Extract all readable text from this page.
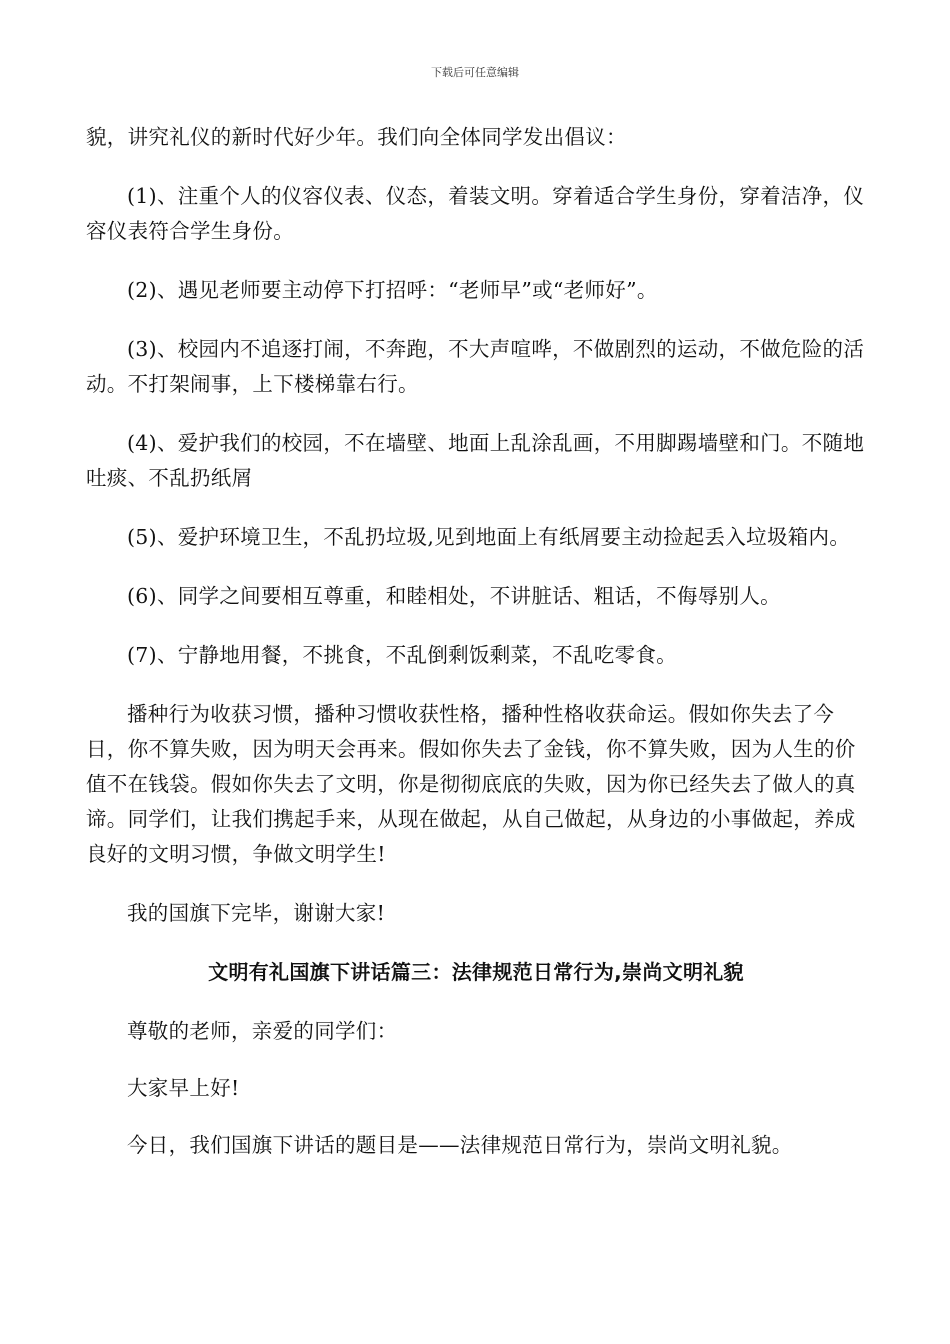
下载后可任意编辑

貌，讲究礼仪的新时代好少年。我们向全体同学发出倡议：

(1)、注重个人的仪容仪表、仪态，着装文明。穿着适合学生身份，穿着洁净，仪容仪表符合学生身份。

(2)、遇见老师要主动停下打招呼：“老师早”或“老师好”。

(3)、校园内不追逐打闹，不奔跑，不大声喧哗，不做剧烈的运动，不做危险的活动。不打架闹事，上下楼梯靠右行。

(4)、爱护我们的校园，不在墙壁、地面上乱涂乱画，不用脚踢墙壁和门。不随地吐痰、不乱扔纸屑

(5)、爱护环境卫生，不乱扔垃圾,见到地面上有纸屑要主动捡起丢入垃圾箱内。

(6)、同学之间要相互尊重，和睦相处，不讲脏话、粗话，不侮辱别人。

(7)、宁静地用餐，不挑食，不乱倒剩饭剩菜，不乱吃零食。

播种行为收获习惯，播种习惯收获性格，播种性格收获命运。假如你失去了今日，你不算失败，因为明天会再来。假如你失去了金钱，你不算失败，因为人生的价值不在钱袋。假如你失去了文明，你是彻彻底底的失败，因为你已经失去了做人的真谛。同学们，让我们携起手来，从现在做起，从自己做起，从身边的小事做起，养成良好的文明习惯，争做文明学生!

我的国旗下完毕，谢谢大家!

文明有礼国旗下讲话篇三：法律规范日常行为,崇尚文明礼貌

尊敬的老师，亲爱的同学们：

大家早上好!

今日，我们国旗下讲话的题目是——法律规范日常行为，崇尚文明礼貌。
